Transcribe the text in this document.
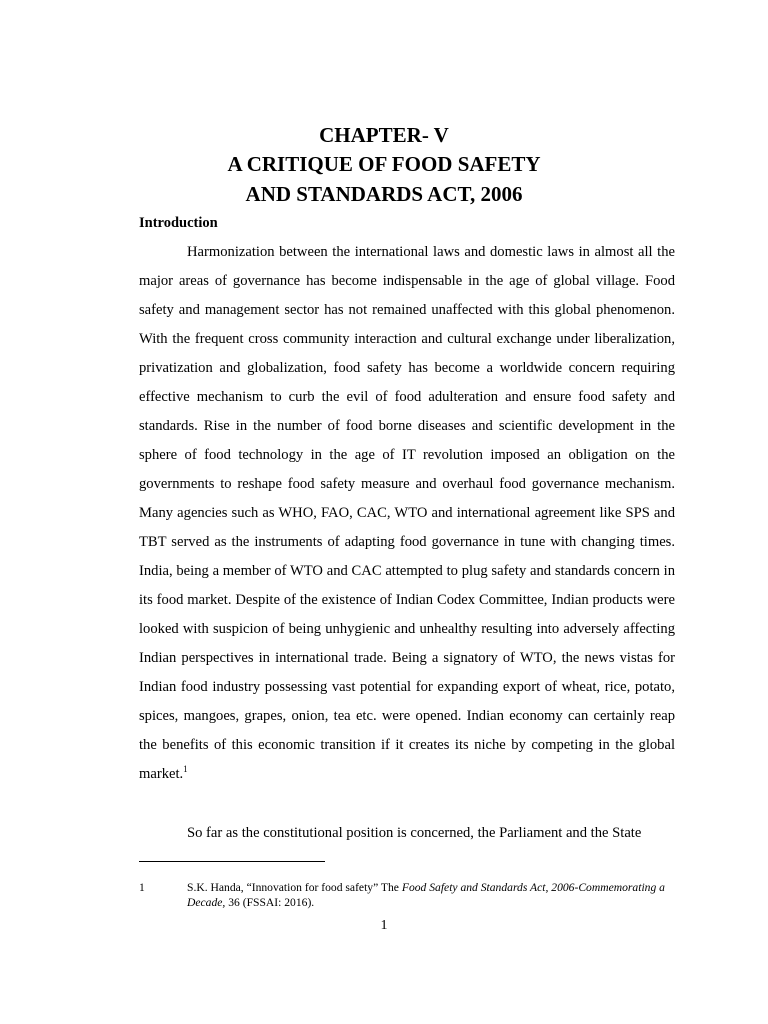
CHAPTER- V
A CRITIQUE OF FOOD SAFETY
AND STANDARDS ACT, 2006
Introduction

Harmonization between the international laws and domestic laws in almost all the major areas of governance has become indispensable in the age of global village. Food safety and management sector has not remained unaffected with this global phenomenon. With the frequent cross community interaction and cultural exchange under liberalization, privatization and globalization, food safety has become a worldwide concern requiring effective mechanism to curb the evil of food adulteration and ensure food safety and standards. Rise in the number of food borne diseases and scientific development in the sphere of food technology in the age of IT revolution imposed an obligation on the governments to reshape food safety measure and overhaul food governance mechanism. Many agencies such as WHO, FAO, CAC, WTO and international agreement like SPS and TBT served as the instruments of adapting food governance in tune with changing times. India, being a member of WTO and CAC attempted to plug safety and standards concern in its food market. Despite of the existence of Indian Codex Committee, Indian products were looked with suspicion of being unhygienic and unhealthy resulting into adversely affecting Indian perspectives in international trade. Being a signatory of WTO, the news vistas for Indian food industry possessing vast potential for expanding export of wheat, rice, potato, spices, mangoes, grapes, onion, tea etc. were opened. Indian economy can certainly reap the benefits of this economic transition if it creates its niche by competing in the global market.$^1$

So far as the constitutional position is concerned, the Parliament and the State

1	S.K. Handa, “Innovation for food safety” The Food Safety and Standards Act, 2006-Commemorating a Decade, 36 (FSSAI: 2016).
1
